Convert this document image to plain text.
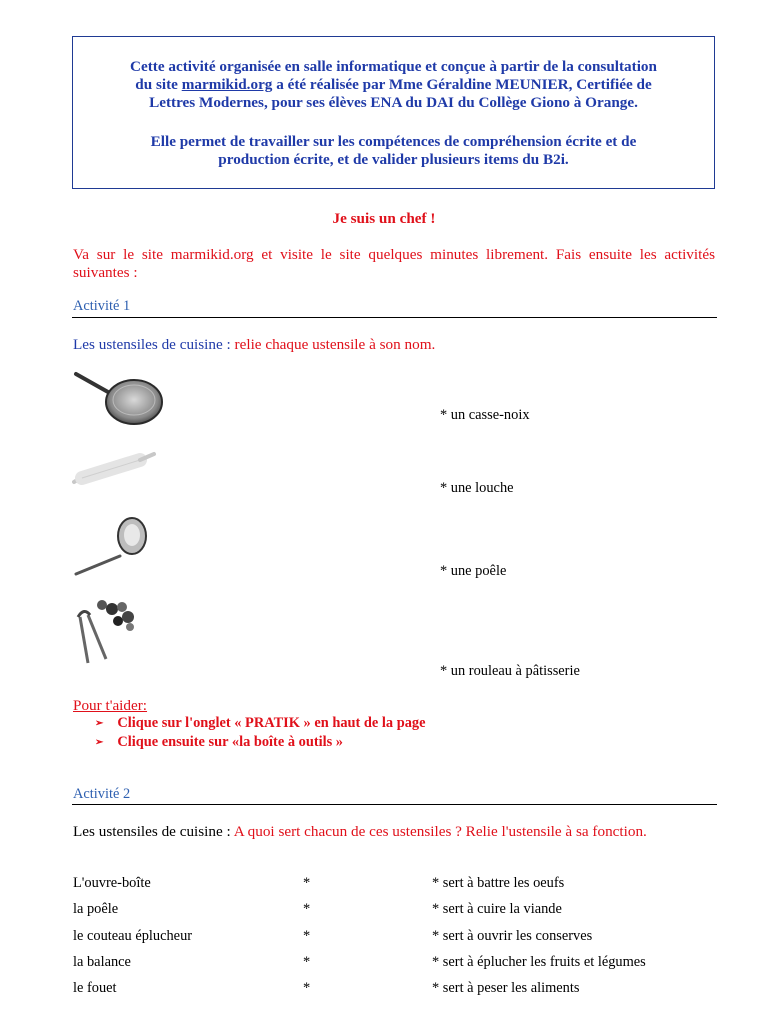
Cette activité organisée en salle informatique et conçue à partir de la consultation
du site marmikid.org a été réalisée par Mme Géraldine MEUNIER, Certifiée de
Lettres Modernes, pour ses élèves ENA du DAI du Collège Giono à Orange.
Elle permet de travailler sur les compétences de compréhension écrite et de
production écrite, et de valider plusieurs items du B2i.
Je suis un chef !
Va sur le site marmikid.org et visite le site quelques minutes librement. Fais ensuite les activités suivantes :
Activité 1
Les ustensiles de cuisine : relie chaque ustensile à son nom.
* un casse-noix
* une louche
* une poêle
* un rouleau à pâtisserie
Pour t'aider:
➢ Clique sur l'onglet « PRATIK » en haut de la page
➢ Clique ensuite sur «la boîte à outils »
Activité 2
Les ustensiles de cuisine : A quoi sert chacun de ces ustensiles ? Relie l'ustensile à sa fonction.
L'ouvre-boîte	*	* sert à battre les oeufs
la poêle	*	* sert à cuire la viande
le couteau éplucheur	*	* sert à ouvrir les conserves
la balance	*	* sert à éplucher les fruits et légumes
le fouet	*	* sert à peser les aliments
